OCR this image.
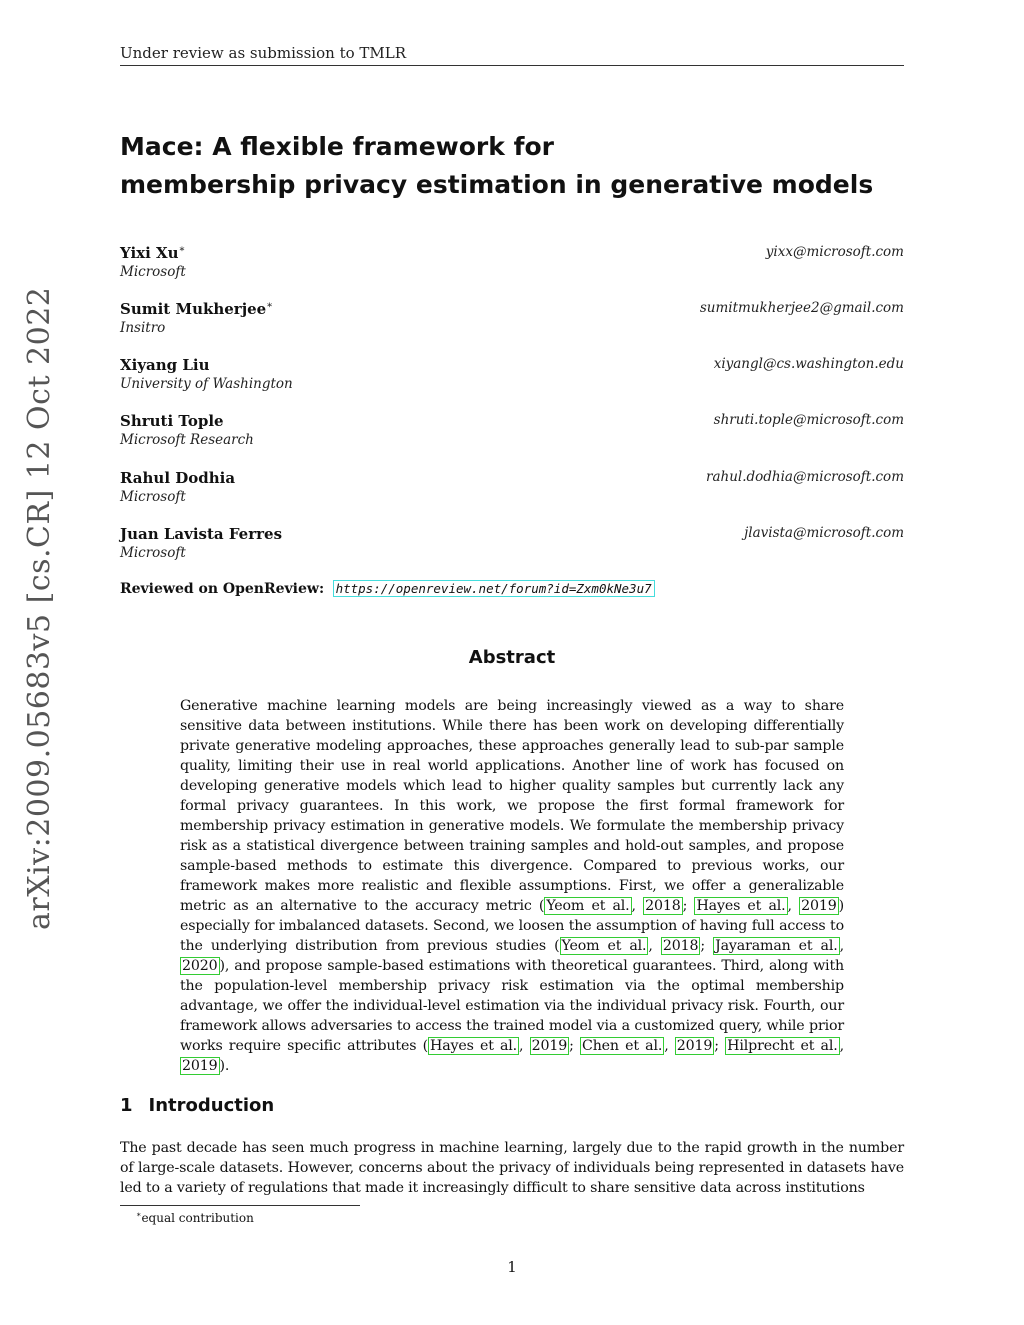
Under review as submission to TMLR
Mace: A flexible framework for
membership privacy estimation in generative models
arXiv:2009.05683v5 [cs.CR] 12 Oct 2022
Yixi Xu∗
Microsoft
yixx@microsoft.com
Sumit Mukherjee∗
Insitro
sumitmukherjee2@gmail.com
Xiyang Liu
University of Washington
xiyangl@cs.washington.edu
Shruti Tople
Microsoft Research
shruti.tople@microsoft.com
Rahul Dodhia
Microsoft
rahul.dodhia@microsoft.com
Juan Lavista Ferres
Microsoft
jlavista@microsoft.com
Reviewed on OpenReview: https://openreview.net/forum?id=Zxm0kNe3u7
Abstract
Generative machine learning models are being increasingly viewed as a way to share sensitive data between institutions. While there has been work on developing differentially private generative modeling approaches, these approaches generally lead to sub-par sample quality, limiting their use in real world applications. Another line of work has focused on developing generative models which lead to higher quality samples but currently lack any formal privacy guarantees. In this work, we propose the first formal framework for membership privacy estimation in generative models. We formulate the membership privacy risk as a statistical divergence between training samples and hold-out samples, and propose sample-based methods to estimate this divergence. Compared to previous works, our framework makes more realistic and flexible assumptions. First, we offer a generalizable metric as an alternative to the accuracy metric ( Yeom et al. , 2018 ; Hayes et al. , 2019 ) especially for imbalanced datasets. Second, we loosen the assumption of having full access to the underlying distribution from previous studies ( Yeom et al. , 2018 ; Jayaraman et al. , 2020 ), and propose sample-based estimations with theoretical guarantees. Third, along with the population-level membership privacy risk estimation via the optimal membership advantage, we offer the individual-level estimation via the individual privacy risk. Fourth, our framework allows adversaries to access the trained model via a customized query, while prior works require specific attributes ( Hayes et al. , 2019 ; Chen et al. , 2019 ; Hilprecht et al. , 2019 ).
1 Introduction
The past decade has seen much progress in machine learning, largely due to the rapid growth in the number of large-scale datasets. However, concerns about the privacy of individuals being represented in datasets have led to a variety of regulations that made it increasingly difficult to share sensitive data across institutions
∗equal contribution
1
